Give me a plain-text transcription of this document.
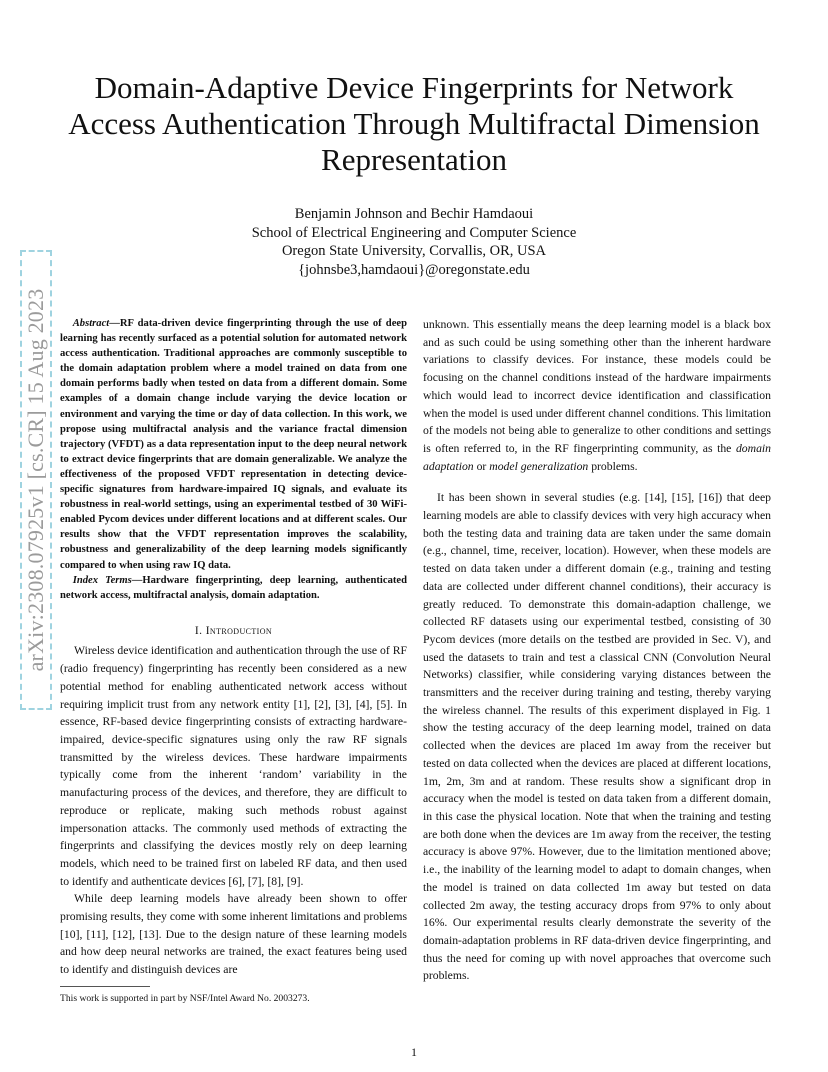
Domain-Adaptive Device Fingerprints for Network Access Authentication Through Multifractal Dimension Representation
Benjamin Johnson and Bechir Hamdaoui
School of Electrical Engineering and Computer Science
Oregon State University, Corvallis, OR, USA
{johnsbe3,hamdaoui}@oregonstate.edu
arXiv:2308.07925v1 [cs.CR] 15 Aug 2023	Abstract—RF data-driven device fingerprinting through the use of deep learning has recently surfaced as a potential solution for automated network access authentication. Traditional approaches are commonly susceptible to the domain adaptation problem where a model trained on data from one domain performs badly when tested on data from a different domain. Some examples of a domain change include varying the device location or environment and varying the time or day of data collection. In this work, we propose using multifractal analysis and the variance fractal dimension trajectory (VFDT) as a data representation input to the deep neural network to extract device fingerprints that are domain generalizable. We analyze the effectiveness of the proposed VFDT representation in detecting device-specific signatures from hardware-impaired IQ signals, and evaluate its robustness in real-world settings, using an experimental testbed of 30 WiFi-enabled Pycom devices under different locations and at different scales. Our results show that the VFDT representation improves the scalability, robustness and generalizability of the deep learning models significantly compared to when using raw IQ data.

Index Terms—Hardware fingerprinting, deep learning, authenticated network access, multifractal analysis, domain adaptation.

I. Introduction

Wireless device identification and authentication through the use of RF (radio frequency) fingerprinting has recently been considered as a new potential method for enabling authenticated network access without requiring implicit trust from any network entity [1], [2], [3], [4], [5]. In essence, RF-based device fingerprinting consists of extracting hardware-impaired, device-specific signatures using only the raw RF signals transmitted by the wireless devices. These hardware impairments typically come from the inherent ‘random’ variability in the manufacturing process of the devices, and therefore, they are difficult to reproduce or replicate, making such methods robust against impersonation attacks. The commonly used methods of extracting the fingerprints and classifying the devices mostly rely on deep learning models, which need to be trained first on labeled RF data, and then used to identify and authenticate devices [6], [7], [8], [9].

While deep learning models have already been shown to offer promising results, they come with some inherent limitations and problems [10], [11], [12], [13]. Due to the design nature of these learning models and how deep neural networks are trained, the exact features being used to identify and distinguish devices are

unknown. This essentially means the deep learning model is a black box and as such could be using something other than the inherent hardware variations to classify devices. For instance, these models could be focusing on the channel conditions instead of the hardware impairments which would lead to incorrect device identification and classification when the model is used under different channel conditions. This limitation of the models not being able to generalize to other conditions and settings is often referred to, in the RF fingerprinting community, as the domain adaptation or model generalization problems.

It has been shown in several studies (e.g. [14], [15], [16]) that deep learning models are able to classify devices with very high accuracy when both the testing data and training data are taken under the same domain (e.g., channel, time, receiver, location). However, when these models are tested on data taken under a different domain (e.g., training and testing data are collected under different channel conditions), their accuracy is greatly reduced. To demonstrate this domain-adaption challenge, we collected RF datasets using our experimental testbed, consisting of 30 Pycom devices (more details on the testbed are provided in Sec. V), and used the datasets to train and test a classical CNN (Convolution Neural Networks) classifier, while considering varying distances between the transmitters and the receiver during training and testing, thereby varying the wireless channel. The results of this experiment displayed in Fig. 1 show the testing accuracy of the deep learning model, trained on data collected when the devices are placed 1m away from the receiver but tested on data collected when the devices are placed at different locations, 1m, 2m, 3m and at random. These results show a significant drop in accuracy when the model is tested on data taken from a different domain, in this case the physical location. Note that when the training and testing are both done when the devices are 1m away from the receiver, the testing accuracy is above 97%. However, due to the limitation mentioned above; i.e., the inability of the learning model to adapt to domain changes, when the model is trained on data collected 1m away but tested on data collected 2m away, the testing accuracy drops from 97% to only about 16%. Our experimental results clearly demonstrate the severity of the domain-adaptation problems in RF data-driven device fingerprinting, and thus the need for coming up with novel approaches that overcome such problems.

This work is supported in part by NSF/Intel Award No. 2003273.
1
